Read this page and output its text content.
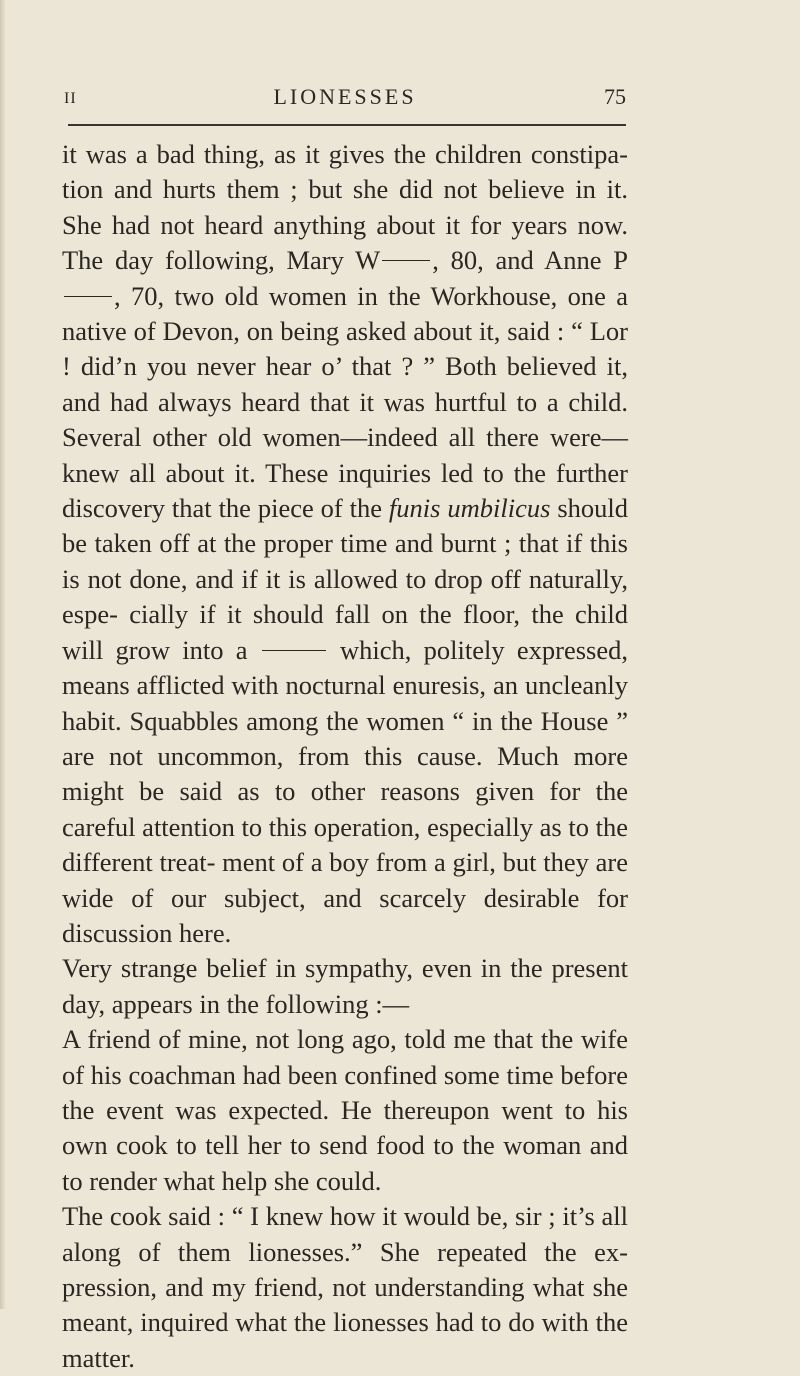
II	LIONESSES	75

it was a bad thing, as it gives the children constipa- tion and hurts them ; but she did not believe in it. She had not heard anything about it for years now. The day following, Mary W , 80, and Anne P, 70, two old women in the Workhouse, one a native of Devon, on being asked about it, said : “ Lor ! did’n you never hear o’ that ? ” Both believed it, and had always heard that it was hurtful to a child. Several other old women—indeed all there were—knew all about it. These inquiries led to the further discovery that the piece of the funis umbilicus should be taken off at the proper time and burnt ; that if this is not done, and if it is allowed to drop off naturally, espe- cially if it should fall on the floor, the child will grow into a	which, politely expressed, means afflicted with nocturnal enuresis, an uncleanly habit. Squabbles among the women “ in the House ” are not uncommon, from this cause. Much more might be said as to other reasons given for the careful attention to this operation, especially as to the different treat- ment of a boy from a girl, but they are wide of our subject, and scarcely desirable for discussion here.

Very strange belief in sympathy, even in the present day, appears in the following :—

A friend of mine, not long ago, told me that the wife of his coachman had been confined some time before the event was expected. He thereupon went to his own cook to tell her to send food to the woman and to render what help she could.

The cook said : “ I knew how it would be, sir ; it’s all along of them lionesses.” She repeated the ex- pression, and my friend, not understanding what she meant, inquired what the lionesses had to do with the matter.
